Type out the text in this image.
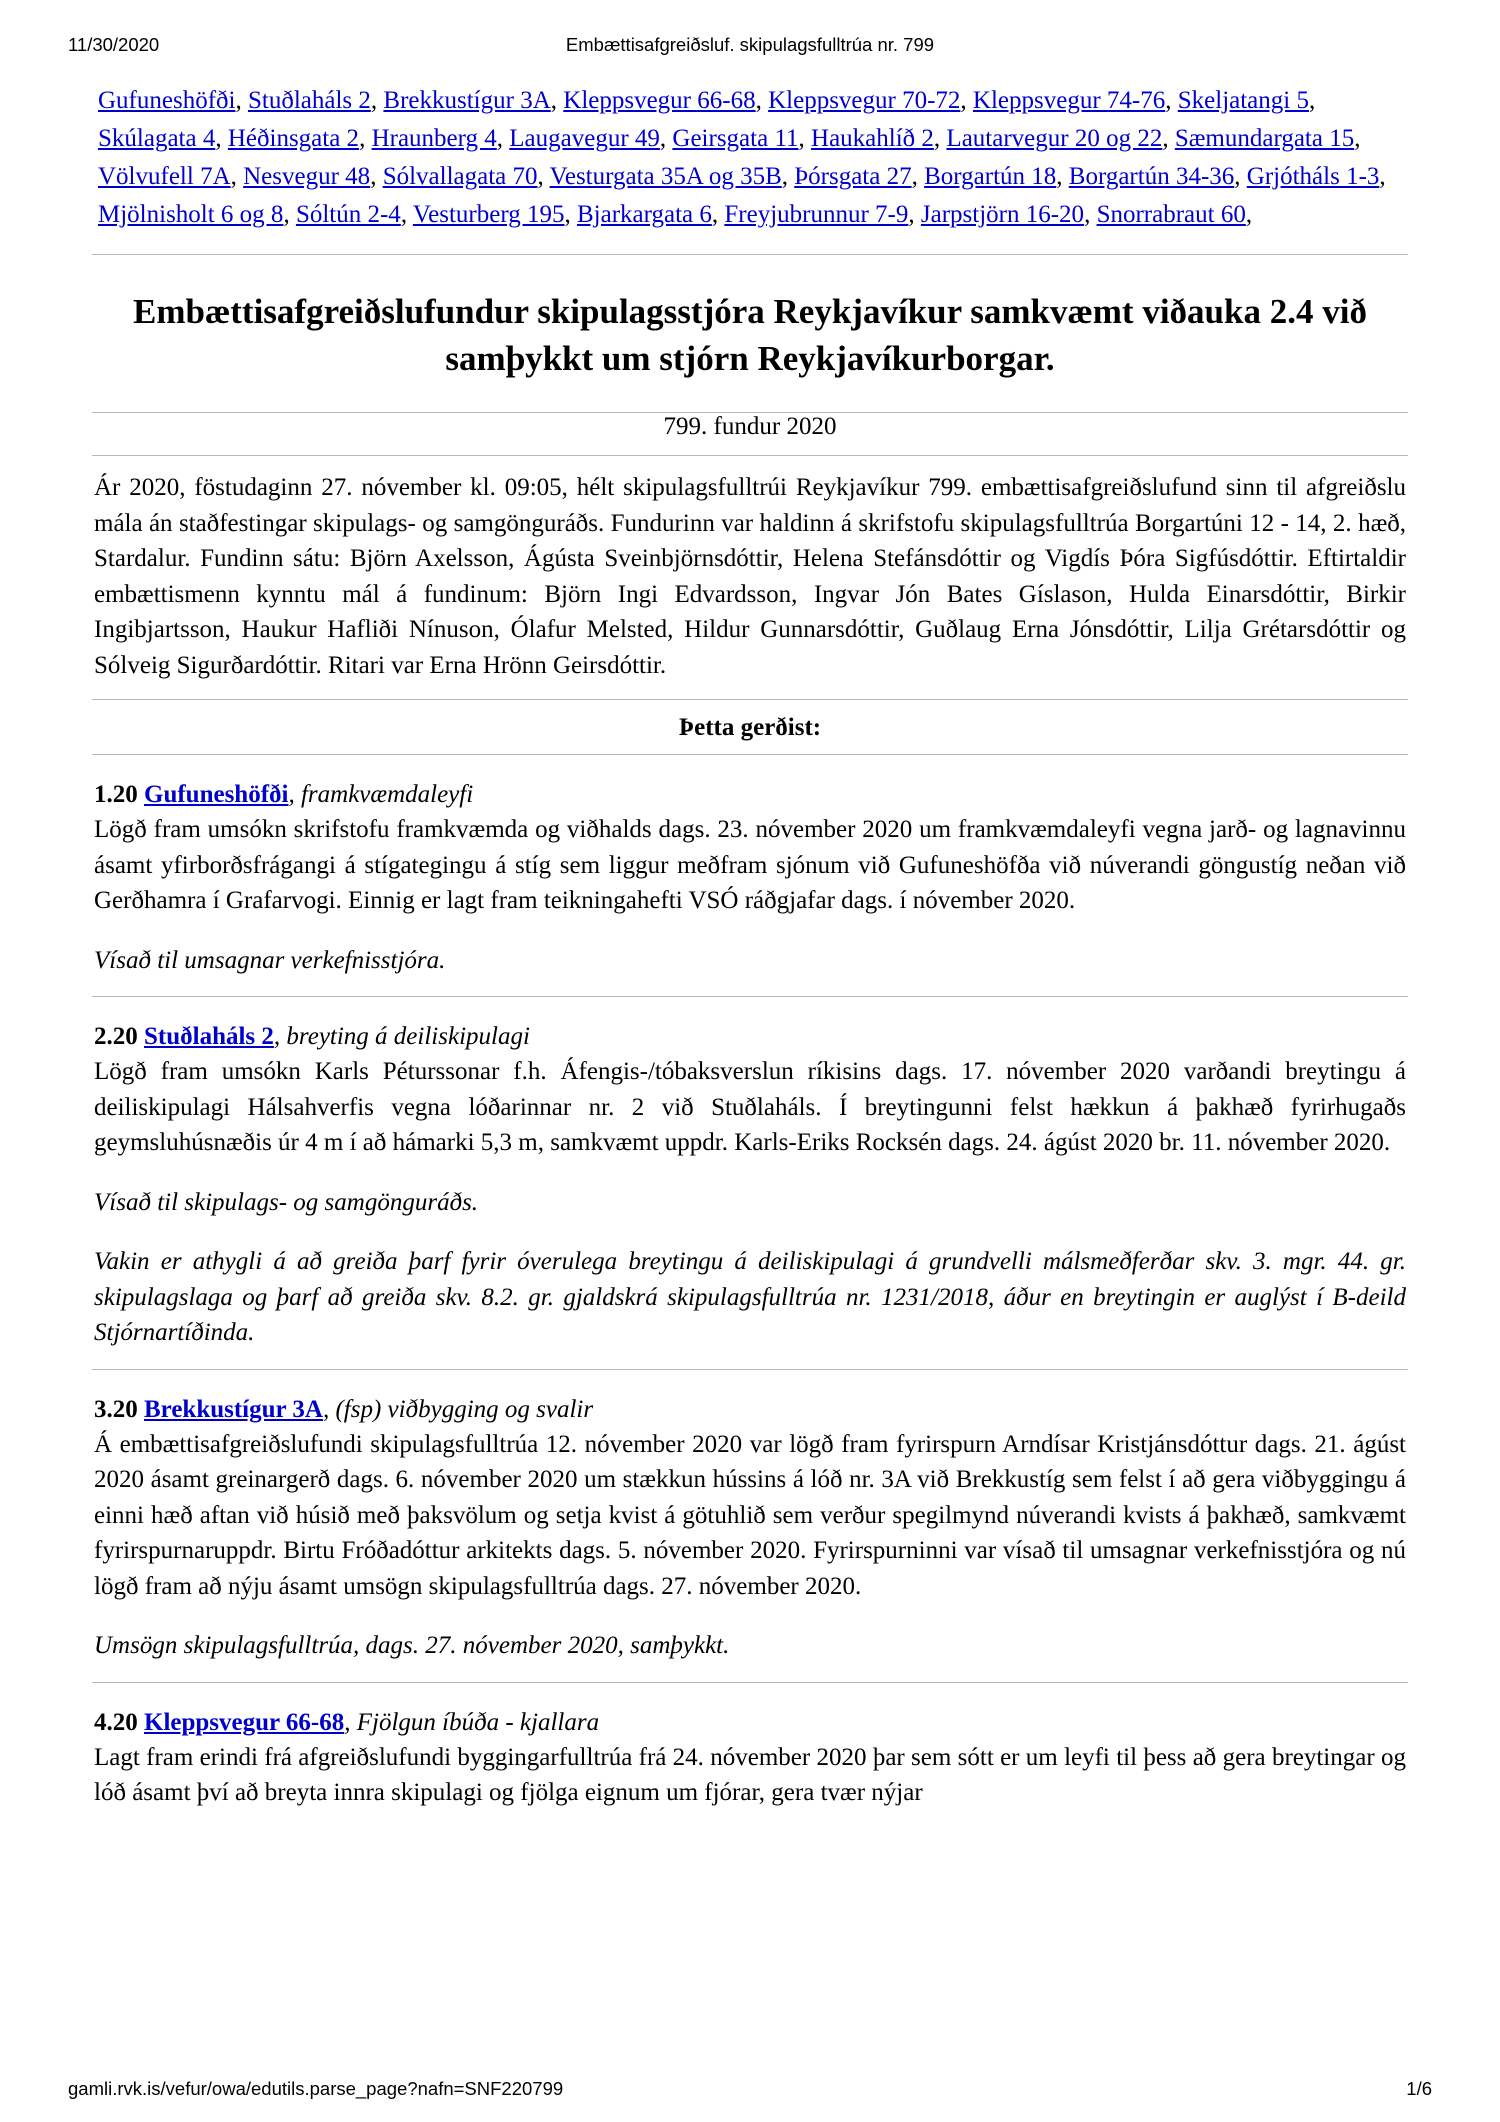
11/30/2020	Embættisafgreiðsluf. skipulagsfulltrúa nr. 799
Gufuneshöfði, Stuðlaháls 2, Brekkustígur 3A, Kleppsvegur 66-68, Kleppsvegur 70-72, Kleppsvegur 74-76, Skeljatangi 5, Skúlagata 4, Héðinsgata 2, Hraunberg 4, Laugavegur 49, Geirsgata 11, Haukahlíð 2, Lautarvegur 20 og 22, Sæmundargata 15, Völvufell 7A, Nesvegur 48, Sólvallagata 70, Vesturgata 35A og 35B, Þórsgata 27, Borgartún 18, Borgartún 34-36, Grjótháls 1-3, Mjölnisholt 6 og 8, Sóltún 2-4, Vesturberg 195, Bjarkargata 6, Freyjubrunnur 7-9, Jarpstjörn 16-20, Snorrabraut 60,
Embættisafgreiðslufundur skipulagsstjóra Reykjavíkur samkvæmt viðauka 2.4 við samþykkt um stjórn Reykjavíkurborgar.
799. fundur 2020

Ár 2020, föstudaginn 27. nóvember kl. 09:05, hélt skipulagsfulltrúi Reykjavíkur 799. embættisafgreiðslufund sinn til afgreiðslu mála án staðfestingar skipulags- og samgönguráðs. Fundurinn var haldinn á skrifstofu skipulagsfulltrúa Borgartúni 12 - 14, 2. hæð, Stardalur. Fundinn sátu: Björn Axelsson, Ágústa Sveinbjörnsdóttir, Helena Stefánsdóttir og Vigdís Þóra Sigfúsdóttir. Eftirtaldir embættismenn kynntu mál á fundinum: Björn Ingi Edvardsson, Ingvar Jón Bates Gíslason, Hulda Einarsdóttir, Birkir Ingibjartsson, Haukur Hafliði Nínuson, Ólafur Melsted, Hildur Gunnarsdóttir, Guðlaug Erna Jónsdóttir, Lilja Grétarsdóttir og Sólveig Sigurðardóttir. Ritari var Erna Hrönn Geirsdóttir.

Þetta gerðist:
1.20 Gufuneshöfði, framkvæmdaleyfi
Lögð fram umsókn skrifstofu framkvæmda og viðhalds dags. 23. nóvember 2020 um framkvæmdaleyfi vegna jarð- og lagnavinnu ásamt yfirborðsfrágangi á stígategingu á stíg sem liggur meðfram sjónum við Gufuneshöfða við núverandi göngustíg neðan við Gerðhamra í Grafarvogi. Einnig er lagt fram teikningahefti VSÓ ráðgjafar dags. í nóvember 2020.
Vísað til umsagnar verkefnisstjóra.
2.20 Stuðlaháls 2, breyting á deiliskipulagi
Lögð fram umsókn Karls Péturssonar f.h. Áfengis-/tóbaksverslun ríkisins dags. 17. nóvember 2020 varðandi breytingu á deiliskipulagi Hálsahverfis vegna lóðarinnar nr. 2 við Stuðlaháls. Í breytingunni felst hækkun á þakhæð fyrirhugaðs geymsluhúsnæðis úr 4 m í að hámarki 5,3 m, samkvæmt uppdr. Karls-Eriks Rocksén dags. 24. ágúst 2020 br. 11. nóvember 2020.
Vísað til skipulags- og samgönguráðs.
Vakin er athygli á að greiða þarf fyrir óverulega breytingu á deiliskipulagi á grundvelli málsmeðferðar skv. 3. mgr. 44. gr. skipulagslaga og þarf að greiða skv. 8.2. gr. gjaldskrá skipulagsfulltrúa nr. 1231/2018, áður en breytingin er auglýst í B-deild Stjórnartíðinda.
3.20 Brekkustígur 3A, (fsp) viðbygging og svalir
Á embættisafgreiðslufundi skipulagsfulltrúa 12. nóvember 2020 var lögð fram fyrirspurn Arndísar Kristjánsdóttur dags. 21. ágúst 2020 ásamt greinargerð dags. 6. nóvember 2020 um stækkun hússins á lóð nr. 3A við Brekkustíg sem felst í að gera viðbyggingu á einni hæð aftan við húsið með þaksvölum og setja kvist á götuhlið sem verður spegilmynd núverandi kvists á þakhæð, samkvæmt fyrirspurnaruppdr. Birtu Fróðadóttur arkitekts dags. 5. nóvember 2020. Fyrirspurninni var vísað til umsagnar verkefnisstjóra og nú lögð fram að nýju ásamt umsögn skipulagsfulltrúa dags. 27. nóvember 2020.
Umsögn skipulagsfulltrúa, dags. 27. nóvember 2020, samþykkt.
4.20 Kleppsvegur 66-68, Fjölgun íbúða - kjallara
Lagt fram erindi frá afgreiðslufundi byggingarfulltrúa frá 24. nóvember 2020 þar sem sótt er um leyfi til þess að gera breytingar og lóð ásamt því að breyta innra skipulagi og fjölga eignum um fjórar, gera tvær nýjar
gamli.rvk.is/vefur/owa/edutils.parse_page?nafn=SNF220799	1/6
